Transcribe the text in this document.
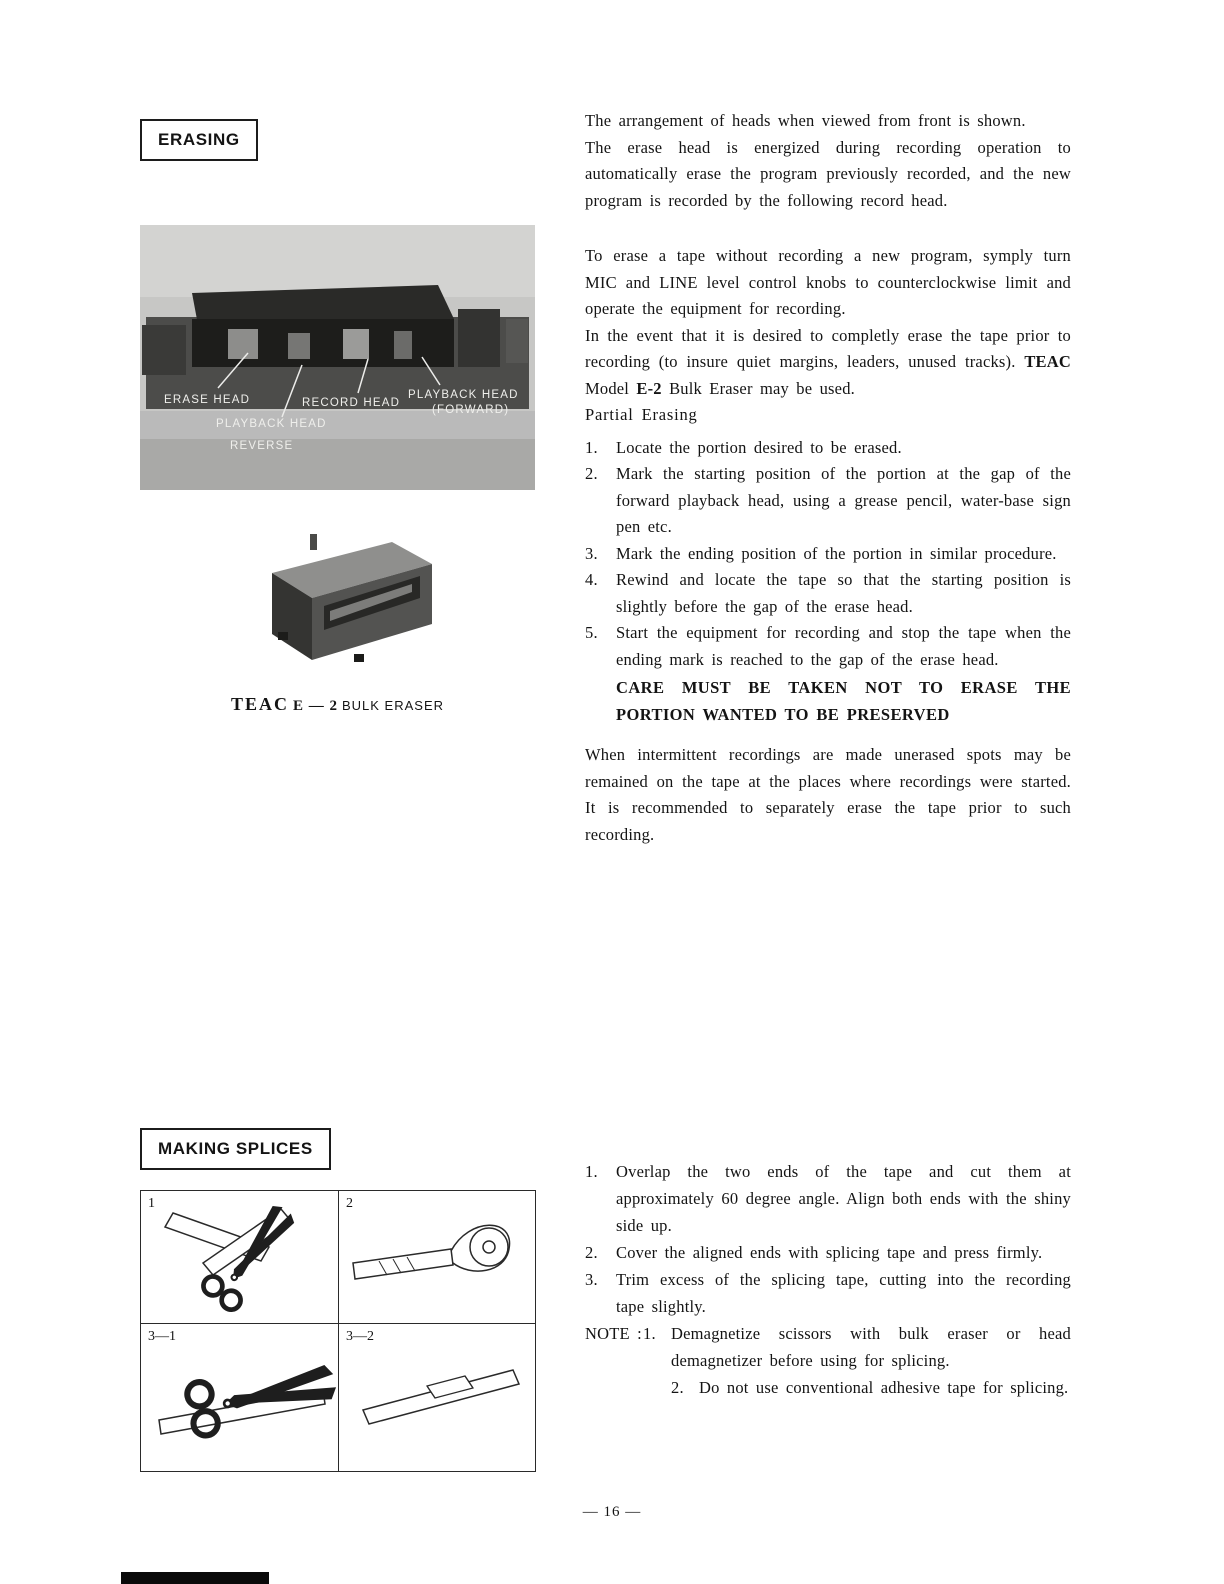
ERASING
ERASE HEAD	RECORD HEAD
PLAYBACK HEAD
(FORWARD)
PLAYBACK HEAD
REVERSE
TEAC E — 2 BULK ERASER

The arrangement of heads when viewed from front is shown.

The erase head is energized during recording operation to automatically erase the program previously recorded, and the new program is recorded by the following record head.

To erase a tape without recording a new program, symply turn MIC and LINE level control knobs to counterclockwise limit and operate the equipment for recording.

In the event that it is desired to completly erase the tape prior to recording (to insure quiet margins, leaders, unused tracks). TEAC Model E-2 Bulk Eraser may be used.

Partial Erasing

1.	Locate the portion desired to be erased.
2.	Mark the starting position of the portion at the gap of the forward playback head, using a grease pencil, water-base sign pen etc.
3.	Mark the ending position of the portion in similar procedure.
4.	Rewind and locate the tape so that the starting position is slightly before the gap of the erase head.
5.	Start the equipment for recording and stop the tape when the ending mark is reached to the gap of the erase head.
CARE MUST BE TAKEN NOT TO ERASE THE PORTION WANTED TO BE PRESERVED

When intermittent recordings are made unerased spots may be remained on the tape at the places where recordings were started. It is recommended to separately erase the tape prior to such recording.

MAKING SPLICES
1	2
3—1	3—2
1.	Overlap the two ends of the tape and cut them at approximately 60 degree angle. Align both ends with the shiny side up.
2.	Cover the aligned ends with splicing tape and press firmly.
3.	Trim excess of the splicing tape, cutting into the recording tape slightly.
NOTE : 1. Demagnetize scissors with bulk eraser or head demagnetizer before using for splicing.
2. Do not use conventional adhesive tape for splicing.
— 16 —
